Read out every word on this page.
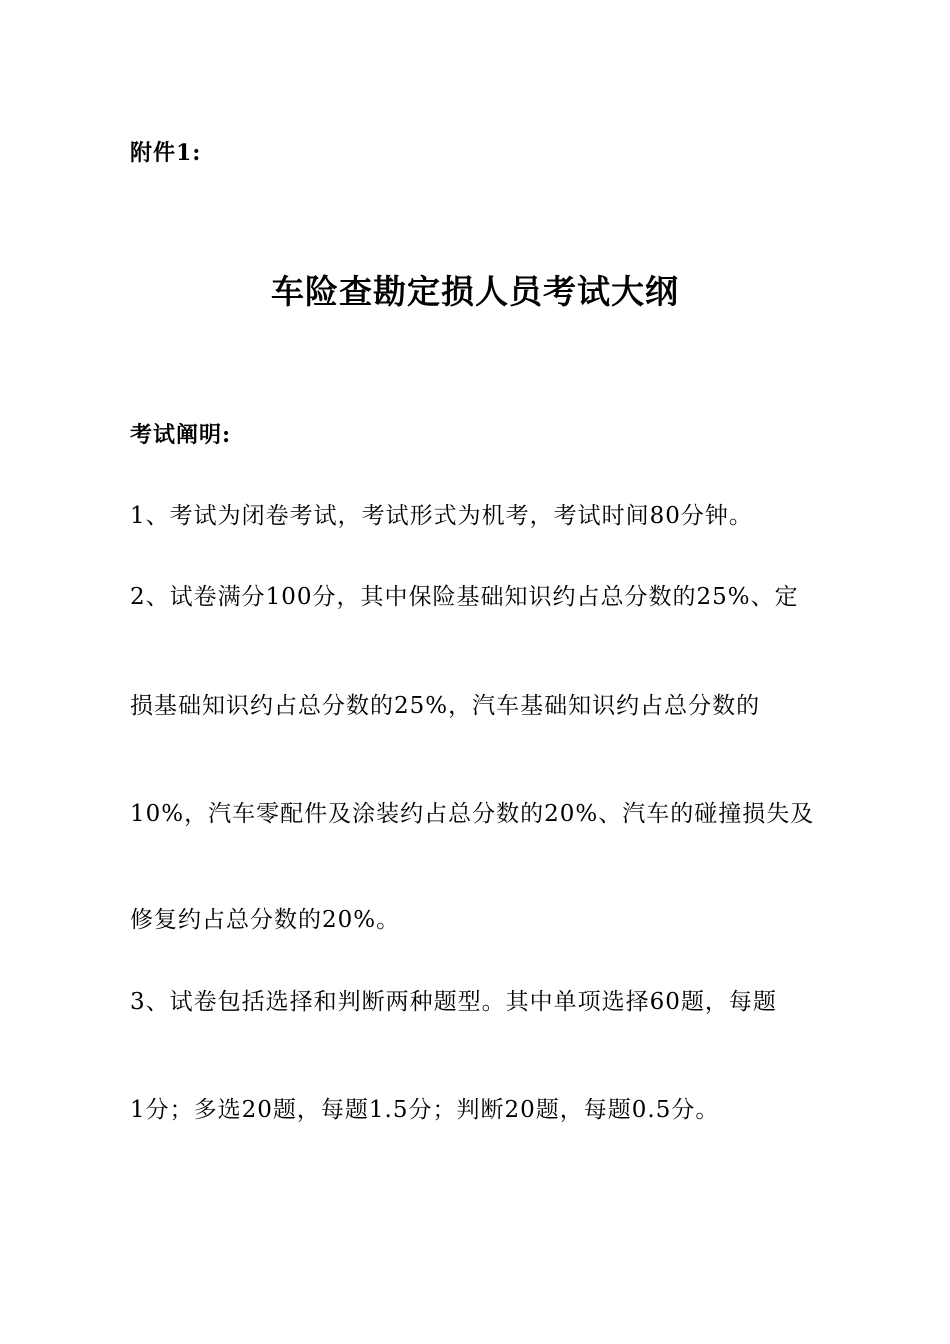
附件1:
车险查勘定损人员考试大纲
考试阐明:
1、考试为闭卷考试，考试形式为机考，考试时间80分钟。
2、试卷满分100分，其中保险基础知识约占总分数的25%、定
损基础知识约占总分数的25%，汽车基础知识约占总分数的
10%，汽车零配件及涂装约占总分数的20%、汽车的碰撞损失及
修复约占总分数的20%。
3、试卷包括选择和判断两种题型。其中单项选择60题，每题
1分；多选20题，每题1.5分；判断20题，每题0.5分。
